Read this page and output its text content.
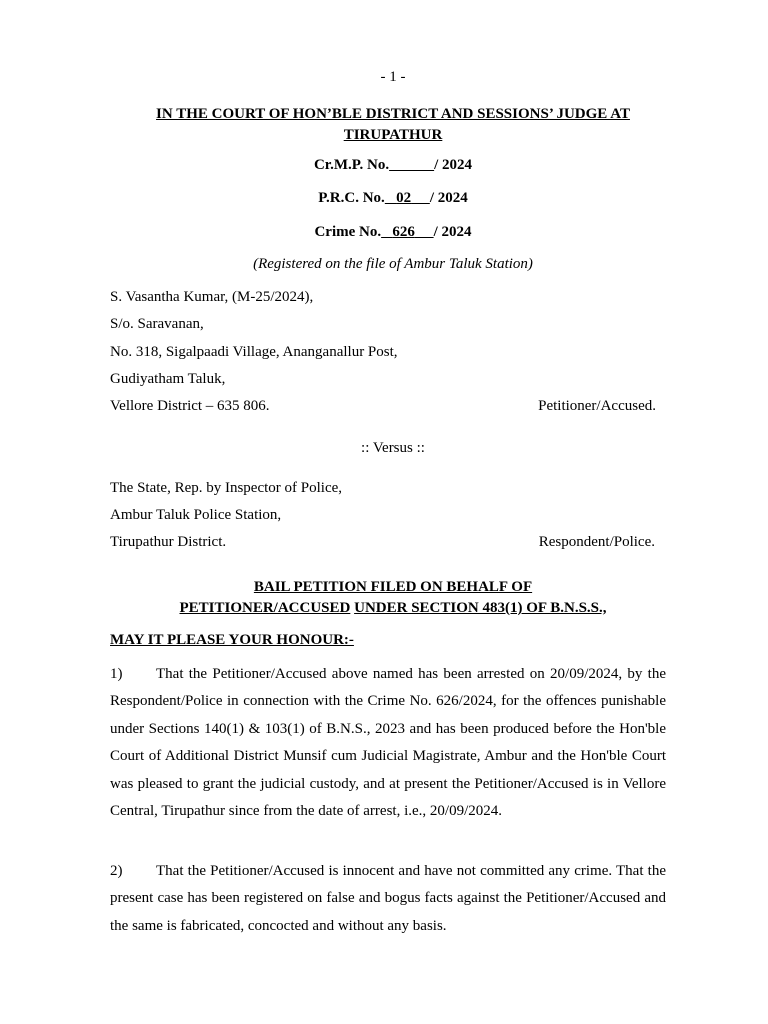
- 1 -
IN THE COURT OF HON’BLE DISTRICT AND SESSIONS’ JUDGE AT TIRUPATHUR
Cr.M.P. No.	/ 2024
P.R.C. No. 02 / 2024
Crime No. 626 / 2024
(Registered on the file of Ambur Taluk Station)
S. Vasantha Kumar, (M-25/2024),
S/o. Saravanan,
No. 318, Sigalpaadi Village, Ananganallur Post,
Gudiyatham Taluk,
Vellore District – 635 806.	Petitioner/Accused.
:: Versus ::
The State, Rep. by Inspector of Police,
Ambur Taluk Police Station,
Tirupathur District.	Respondent/Police.
BAIL PETITION FILED ON BEHALF OF
PETITIONER/ACCUSED UNDER SECTION 483(1) OF B.N.S.S.,
MAY IT PLEASE YOUR HONOUR:-
1) That the Petitioner/Accused above named has been arrested on 20/09/2024, by the Respondent/Police in connection with the Crime No. 626/2024, for the offences punishable under Sections 140(1) & 103(1) of B.N.S., 2023 and has been produced before the Hon'ble Court of Additional District Munsif cum Judicial Magistrate, Ambur and the Hon'ble Court was pleased to grant the judicial custody, and at present the Petitioner/Accused is in Vellore Central, Tirupathur since from the date of arrest, i.e., 20/09/2024.
2) That the Petitioner/Accused is innocent and have not committed any crime. That the present case has been registered on false and bogus facts against the Petitioner/Accused and the same is fabricated, concocted and without any basis.
